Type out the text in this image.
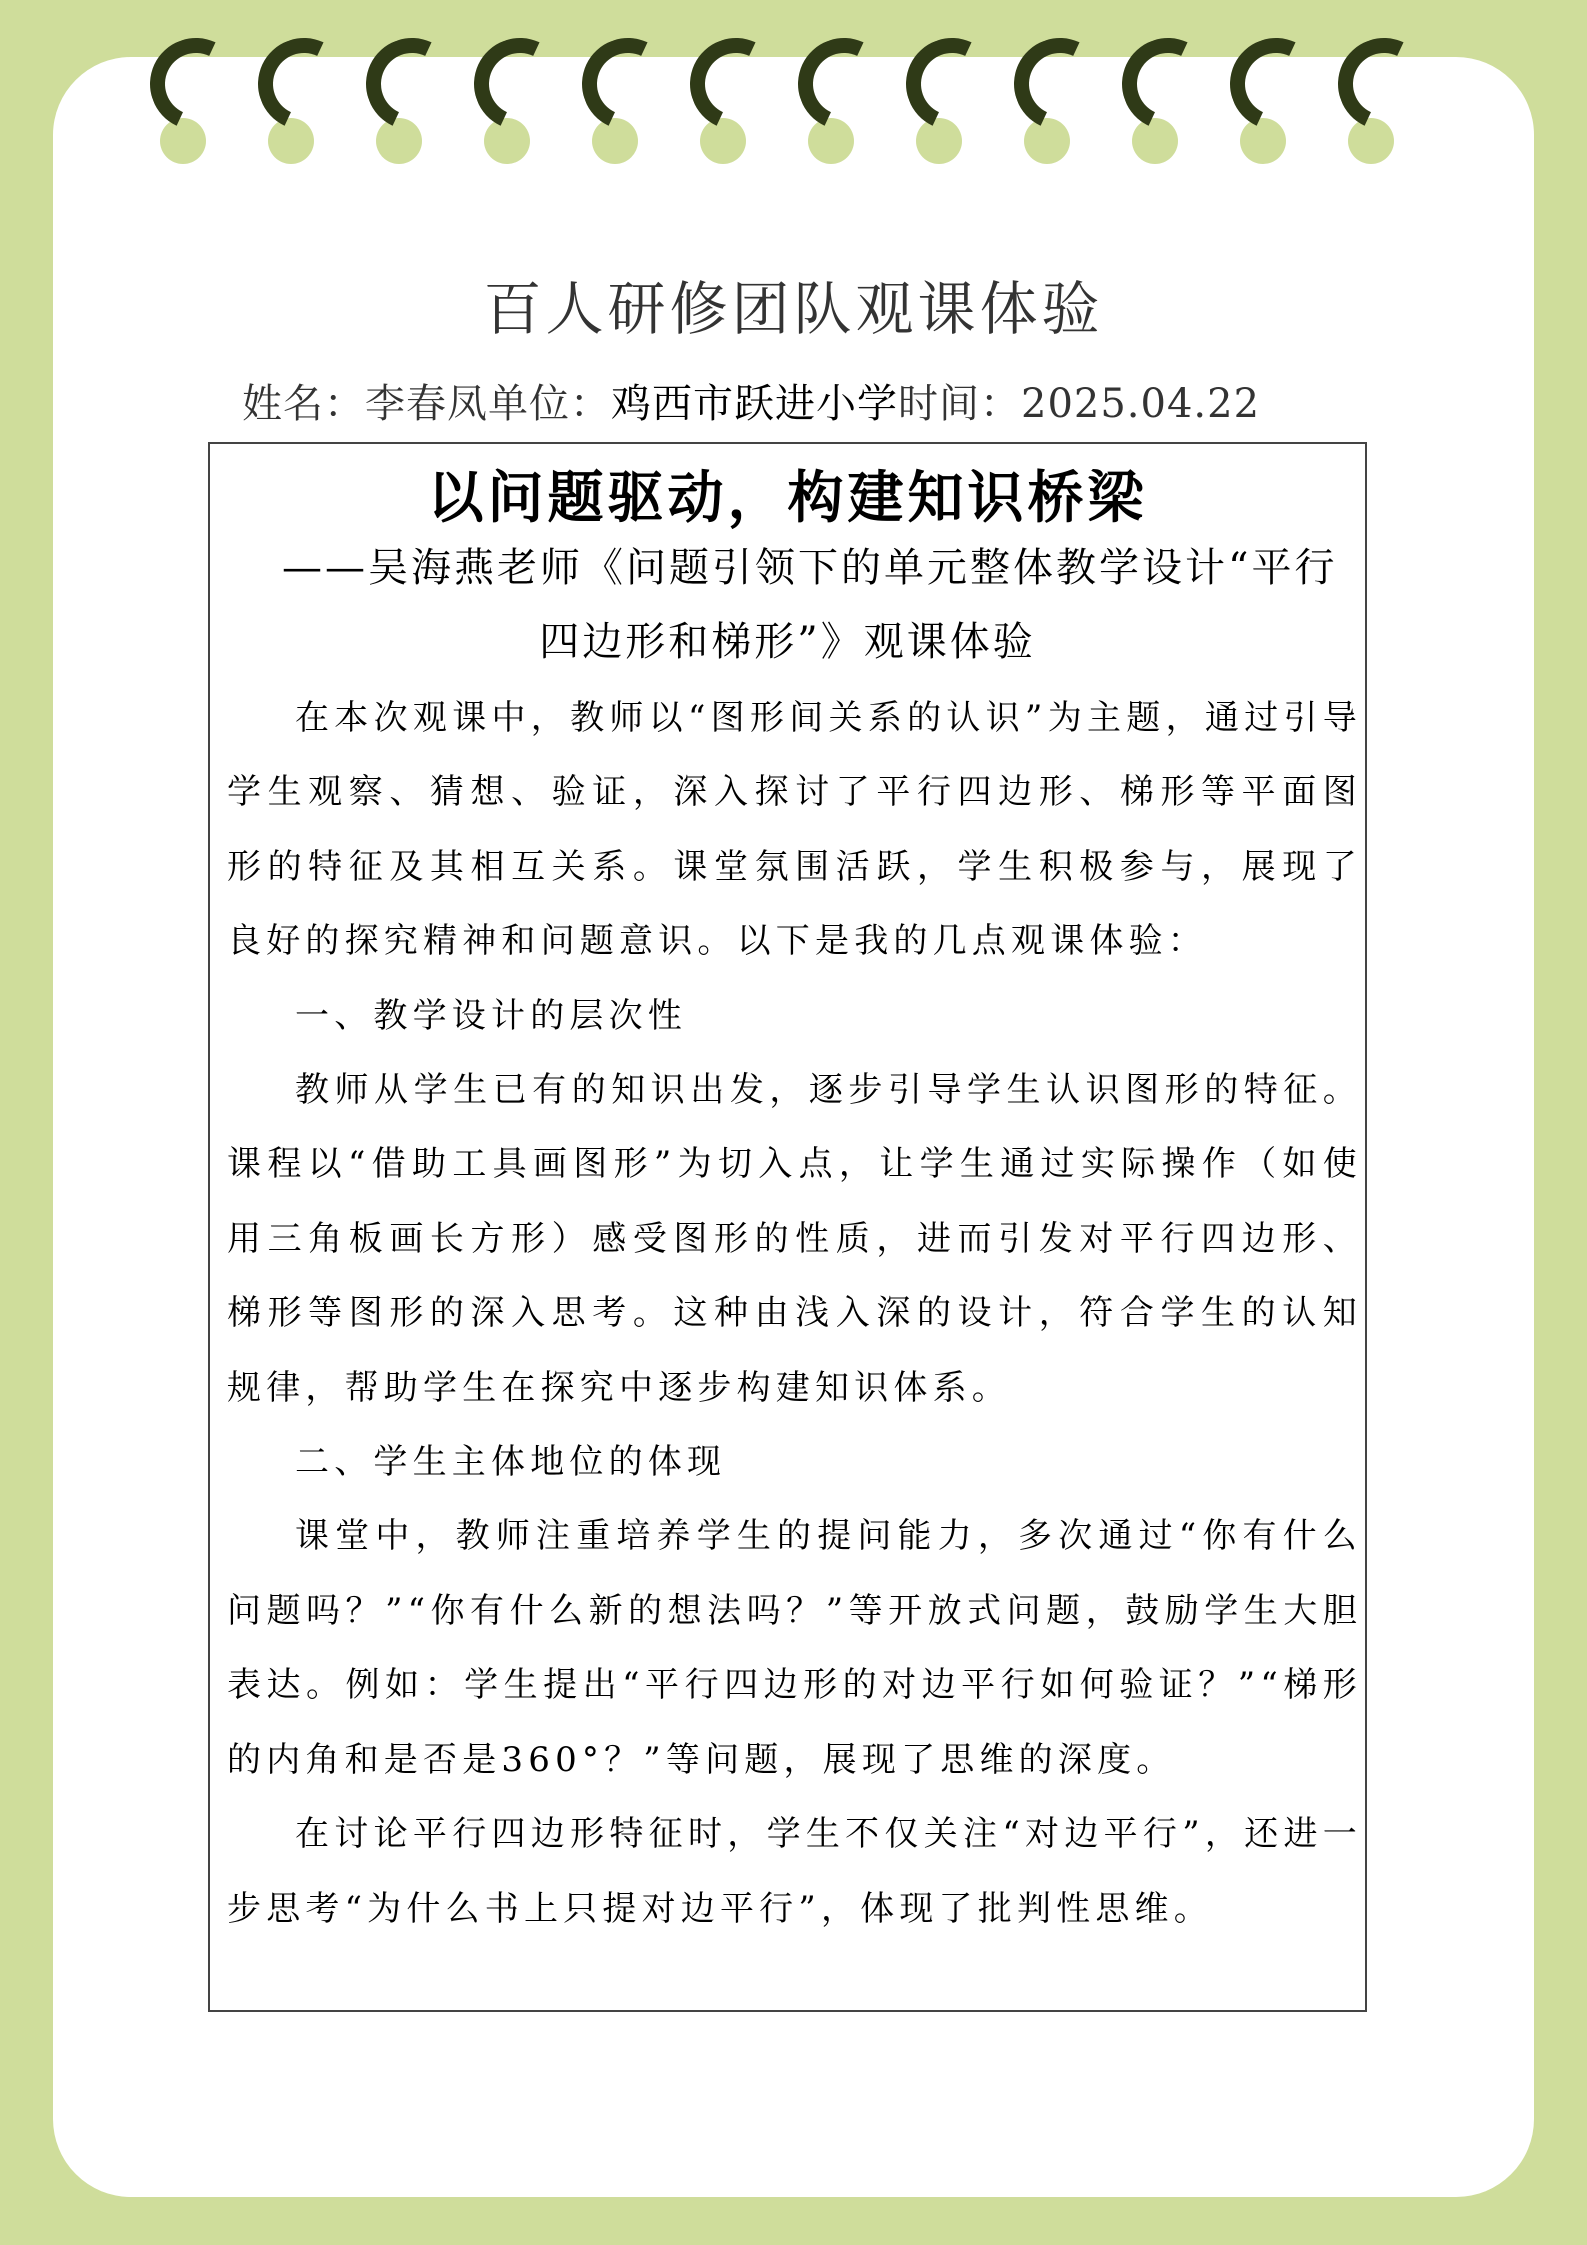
百人研修团队观课体验
姓名：李春凤单位：鸡西市跃进小学时间：2025.04.22
以问题驱动，构建知识桥梁
——吴海燕老师《问题引领下的单元整体教学设计“平行
四边形和梯形”》观课体验

在本次观课中，教师以“图形间关系的认识”为主题，通过引导学生观察、猜想、验证，深入探讨了平行四边形、梯形等平面图形的特征及其相互关系。课堂氛围活跃，学生积极参与，展现了良好的探究精神和问题意识。以下是我的几点观课体验：

一、教学设计的层次性

教师从学生已有的知识出发，逐步引导学生认识图形的特征。课程以“借助工具画图形”为切入点，让学生通过实际操作（如使用三角板画长方形）感受图形的性质，进而引发对平行四边形、梯形等图形的深入思考。这种由浅入深的设计，符合学生的认知规律，帮助学生在探究中逐步构建知识体系。

二、学生主体地位的体现

课堂中，教师注重培养学生的提问能力，多次通过“你有什么问题吗？”“你有什么新的想法吗？”等开放式问题，鼓励学生大胆表达。例如：学生提出“平行四边形的对边平行如何验证？”“梯形的内角和是否是360°？”等问题，展现了思维的深度。

在讨论平行四边形特征时，学生不仅关注“对边平行”，还进一步思考“为什么书上只提对边平行”，体现了批判性思维。
